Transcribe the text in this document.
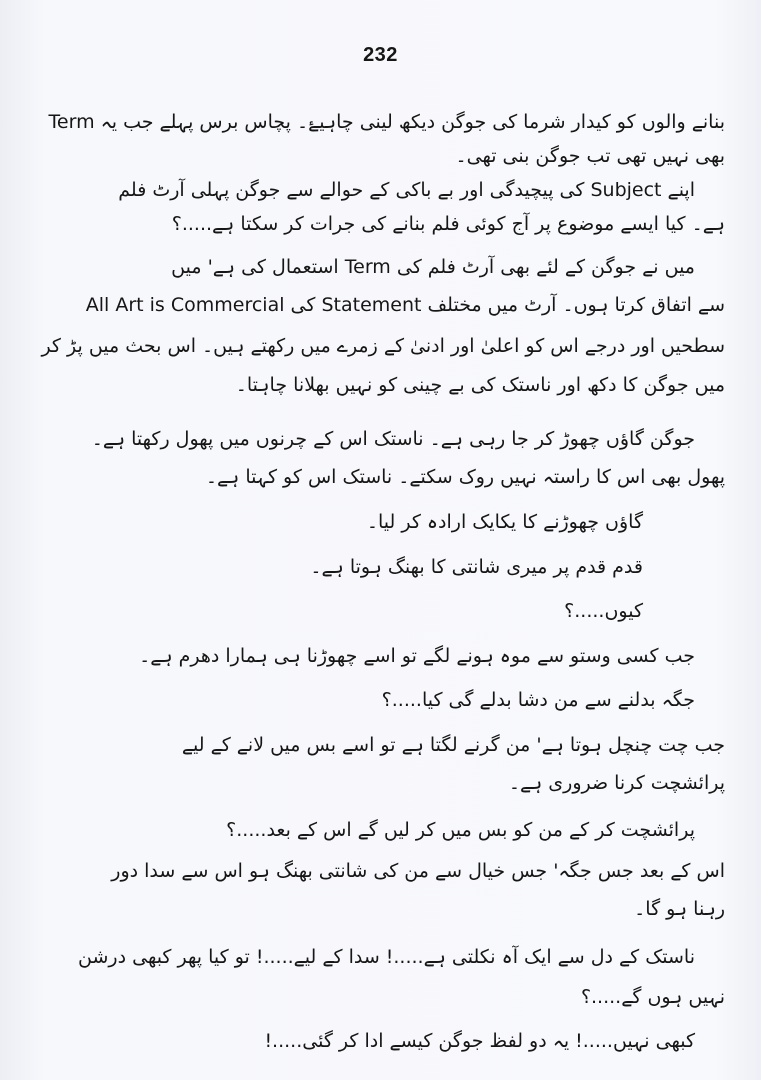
232
بنانے والوں کو کیدار شرما کی جوگن دیکھ لینی چاہیۓ۔ پچاس برس پہلے جب یہ Term
بھی نہیں تھی تب جوگن بنی تھی۔
اپنے Subject کی پیچیدگی اور بے باکی کے حوالے سے جوگن پہلی آرٹ فلم
ہے۔ کیا ایسے موضوع پر آج کوئی فلم بنانے کی جرات کر سکتا ہے.....؟
میں نے جوگن کے لئے بھی آرٹ فلم کی Term استعمال کی ہے' میں
All Art is Commercial کی Statement سے اتفاق کرتا ہوں۔ آرٹ میں مختلف
سطحیں اور درجے اس کو اعلیٰ اور ادنیٰ کے زمرے میں رکھتے ہیں۔ اس بحث میں پڑ کر
میں جوگن کا دکھ اور ناستک کی بے چینی کو نہیں بھلانا چاہتا۔
جوگن گاؤں چھوڑ کر جا رہی ہے۔ ناستک اس کے چرنوں میں پھول رکھتا ہے۔
پھول بھی اس کا راستہ نہیں روک سکتے۔ ناستک اس کو کہتا ہے۔
گاؤں چھوڑنے کا یکایک ارادہ کر لیا۔
قدم قدم پر میری شانتی کا بھنگ ہوتا ہے۔
کیوں.....؟
جب کسی وستو سے موہ ہونے لگے تو اسے چھوڑنا ہی ہمارا دھرم ہے۔
جگہ بدلنے سے من دشا بدلے گی کیا.....؟
جب چت چنچل ہوتا ہے' من گرنے لگتا ہے تو اسے بس میں لانے کے لیے
پرائشچت کرنا ضروری ہے۔
پرائشچت کر کے من کو بس میں کر لیں گے اس کے بعد.....؟
اس کے بعد جس جگہ' جس خیال سے من کی شانتی بھنگ ہو اس سے سدا دور
رہنا ہو گا۔
ناستک کے دل سے ایک آہ نکلتی ہے.....! سدا کے لیے.....! تو کیا پھر کبھی درشن
نہیں ہوں گے.....؟
کبھی نہیں.....! یہ دو لفظ جوگن کیسے ادا کر گئی.....!
